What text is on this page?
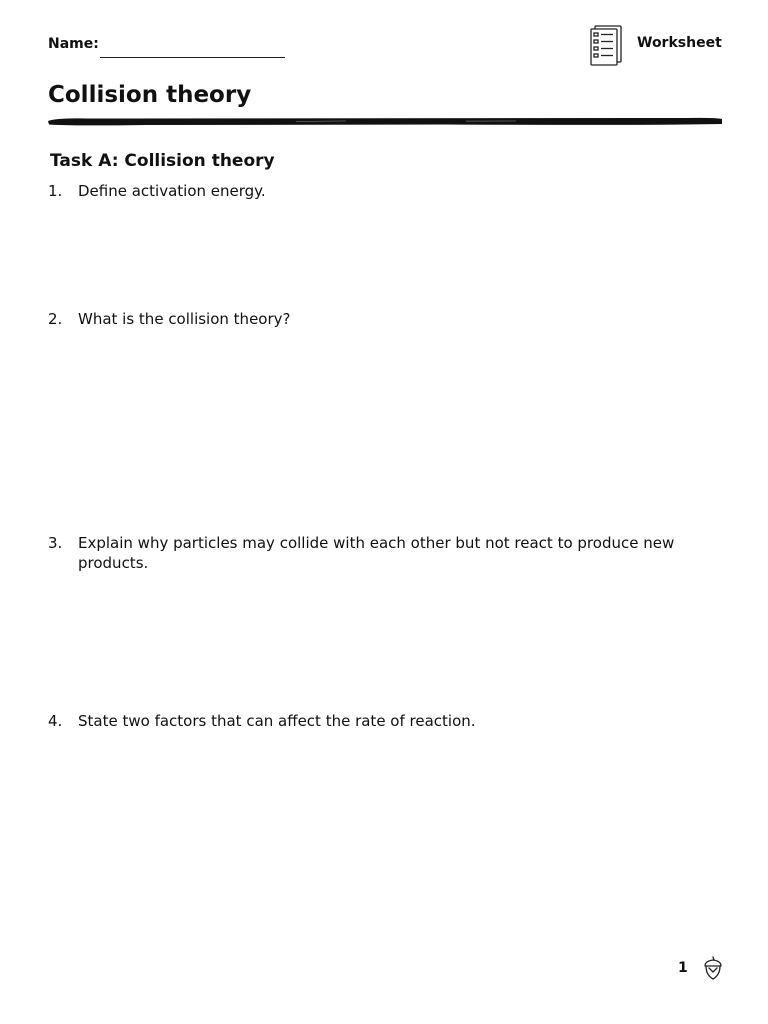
Name:	Worksheet
Collision theory
Task A: Collision theory
1.	Define activation energy.
2.	What is the collision theory?
3.	Explain why particles may collide with each other but not react to produce new products.
4.	State two factors that can affect the rate of reaction.
1
